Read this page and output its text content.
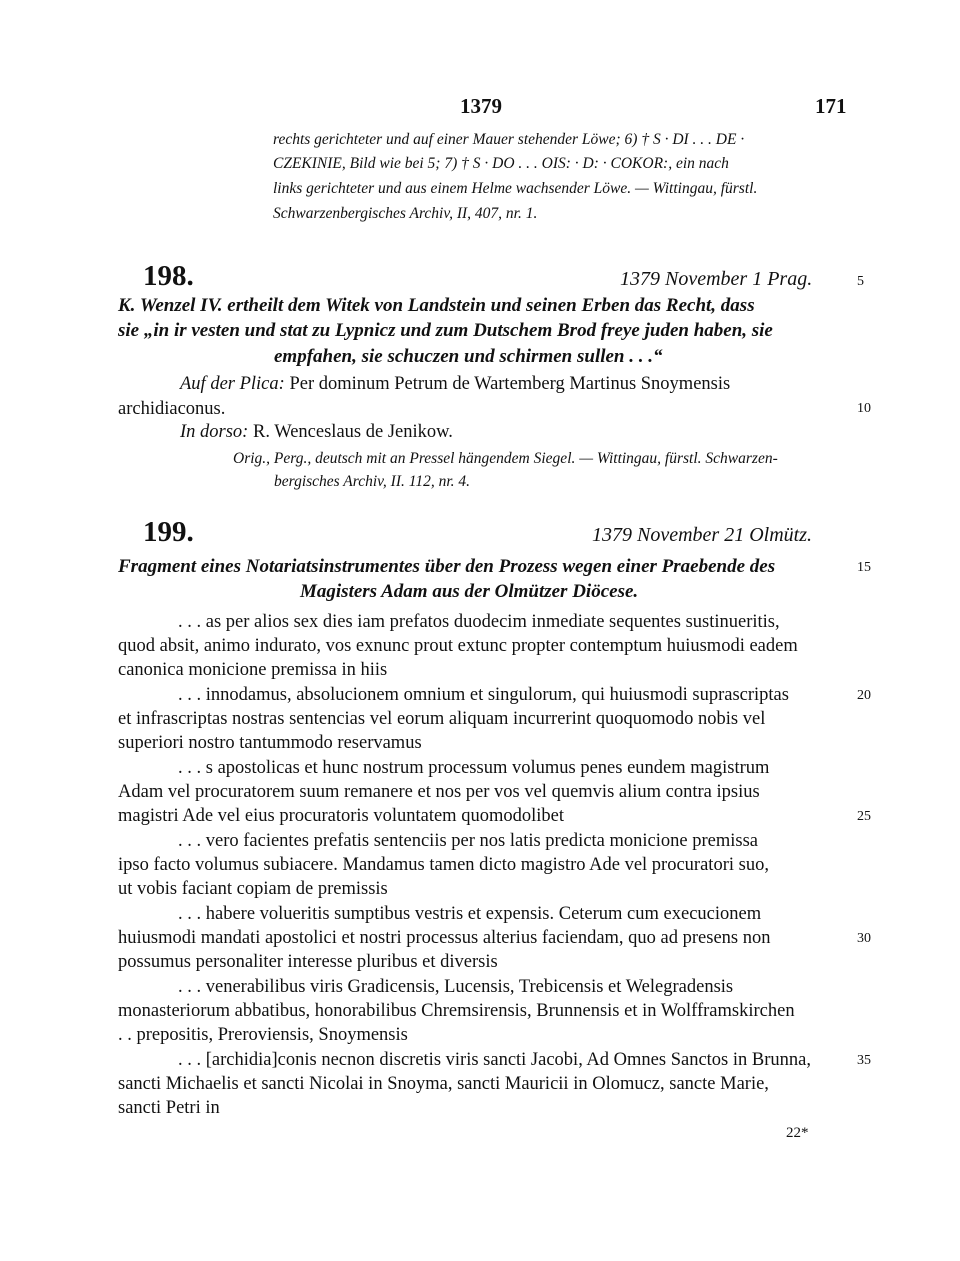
1379	171
rechts gerichteter und auf einer Mauer stehender Löwe; 6) † S · DI . . . DE ·
CZEKINIE, Bild wie bei 5; 7) † S · DO . . . OIS: · D: · COKOR:, ein nach
links gerichteter und aus einem Helme wachsender Löwe. — Wittingau, fürstl.
Schwarzenbergisches Archiv, II, 407, nr. 1.
198.	1379 November 1 Prag.	5
K. Wenzel IV. ertheilt dem Witek von Landstein und seinen Erben das Recht, dass
sie „in ir vesten und stat zu Lypnicz und zum Dutschem Brod freye juden haben, sie
empfahen, sie schuczen und schirmen sullen . . .“
Auf der Plica: Per dominum Petrum de Wartemberg Martinus Snoymensis
archidiaconus.	10
In dorso: R. Wenceslaus de Jenikow.
Orig., Perg., deutsch mit an Pressel hängendem Siegel. — Wittingau, fürstl. Schwarzen-
bergisches Archiv, II. 112, nr. 4.
199.	1379 November 21 Olmütz.
Fragment eines Notariatsinstrumentes über den Prozess wegen einer Praebende des	15
Magisters Adam aus der Olmützer Diöcese.
. . . as per alios sex dies iam prefatos duodecim inmediate sequentes sustinueritis,
quod absit, animo indurato, vos exnunc prout extunc propter contemptum huiusmodi eadem
canonica monicione premissa in hiis
. . . innodamus, absolucionem omnium et singulorum, qui huiusmodi suprascriptas	20
et infrascriptas nostras sentencias vel eorum aliquam incurrerint quoquomodo nobis vel
superiori nostro tantummodo reservamus
. . . s apostolicas et hunc nostrum processum volumus penes eundem magistrum
Adam vel procuratorem suum remanere et nos per vos vel quemvis alium contra ipsius
magistri Ade vel eius procuratoris voluntatem quomodolibet	25
. . . vero facientes prefatis sentenciis per nos latis predicta monicione premissa
ipso facto volumus subiacere. Mandamus tamen dicto magistro Ade vel procuratori suo,
ut vobis faciant copiam de premissis
. . . habere volueritis sumptibus vestris et expensis. Ceterum cum execucionem
huiusmodi mandati apostolici et nostri processus alterius faciendam, quo ad presens non	30
possumus personaliter interesse pluribus et diversis
. . . venerabilibus viris Gradicensis, Lucensis, Trebicensis et Welegradensis
monasteriorum abbatibus, honorabilibus Chremsirensis, Brunnensis et in Wolfframskirchen
. . prepositis, Preroviensis, Snoymensis
. . . [archidia]conis necnon discretis viris sancti Jacobi, Ad Omnes Sanctos in Brunna,	35
sancti Michaelis et sancti Nicolai in Snoyma, sancti Mauricii in Olomucz, sancte Marie,
sancti Petri in
22*
